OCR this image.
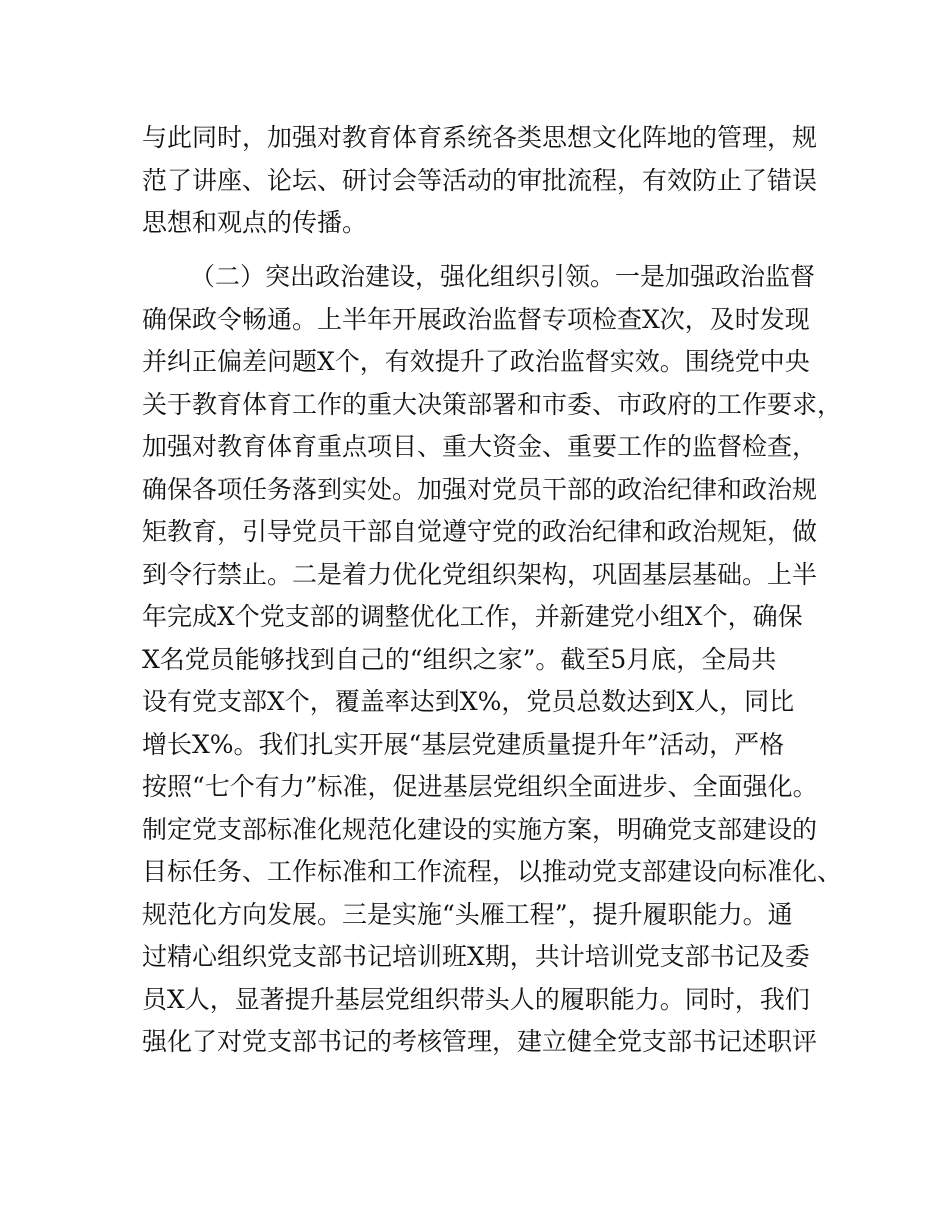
与此同时，加强对教育体育系统各类思想文化阵地的管理，规

范了讲座、论坛、研讨会等活动的审批流程，有效防止了错误

思想和观点的传播。

（二）突出政治建设，强化组织引领。一是加强政治监督

确保政令畅通。上半年开展政治监督专项检查X次，及时发现

并纠正偏差问题X个，有效提升了政治监督实效。围绕党中央

关于教育体育工作的重大决策部署和市委、市政府的工作要求，

加强对教育体育重点项目、重大资金、重要工作的监督检查，

确保各项任务落到实处。加强对党员干部的政治纪律和政治规

矩教育，引导党员干部自觉遵守党的政治纪律和政治规矩，做

到令行禁止。二是着力优化党组织架构，巩固基层基础。上半

年完成X个党支部的调整优化工作，并新建党小组X个，确保

X名党员能够找到自己的“组织之家”。截至5月底，全局共

设有党支部X个，覆盖率达到X%，党员总数达到X人，同比

增长X%。我们扎实开展“基层党建质量提升年”活动，严格

按照“七个有力”标准，促进基层党组织全面进步、全面强化。

制定党支部标准化规范化建设的实施方案，明确党支部建设的

目标任务、工作标准和工作流程，以推动党支部建设向标准化、

规范化方向发展。三是实施“头雁工程”，提升履职能力。通

过精心组织党支部书记培训班X期，共计培训党支部书记及委

员X人，显著提升基层党组织带头人的履职能力。同时，我们

强化了对党支部书记的考核管理，建立健全党支部书记述职评
